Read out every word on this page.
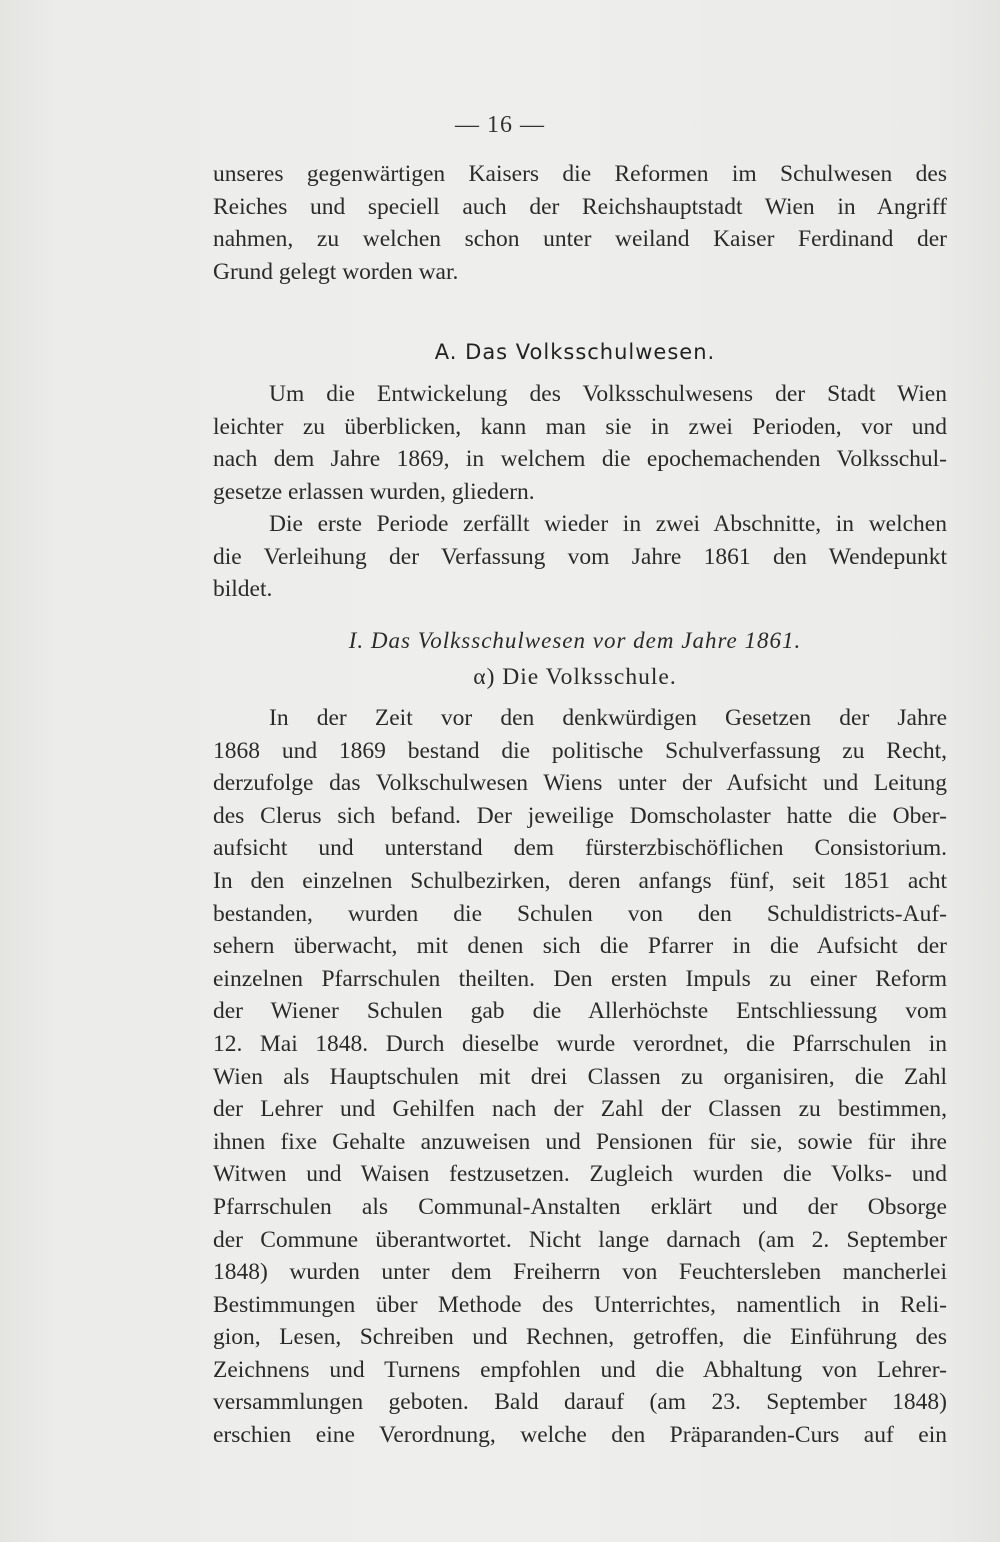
— 16 —
unseres gegenwärtigen Kaisers die Reformen im Schulwesen des
Reiches und speciell auch der Reichshauptstadt Wien in Angriff
nahmen, zu welchen schon unter weiland Kaiser Ferdinand der
Grund gelegt worden war.
A. Das Volksschulwesen.
Um die Entwickelung des Volksschulwesens der Stadt Wien
leichter zu überblicken, kann man sie in zwei Perioden, vor und
nach dem Jahre 1869, in welchem die epochemachenden Volksschul-
gesetze erlassen wurden, gliedern.
Die erste Periode zerfällt wieder in zwei Abschnitte, in welchen
die Verleihung der Verfassung vom Jahre 1861 den Wendepunkt
bildet.
I. Das Volksschulwesen vor dem Jahre 1861.
α) Die Volksschule.
In der Zeit vor den denkwürdigen Gesetzen der Jahre
1868 und 1869 bestand die politische Schulverfassung zu Recht,
derzufolge das Volkschulwesen Wiens unter der Aufsicht und Leitung
des Clerus sich befand. Der jeweilige Domscholaster hatte die Ober-
aufsicht und unterstand dem fürsterzbischöflichen Consistorium.
In den einzelnen Schulbezirken, deren anfangs fünf, seit 1851 acht
bestanden, wurden die Schulen von den Schuldistricts-Auf-
sehern überwacht, mit denen sich die Pfarrer in die Aufsicht der
einzelnen Pfarrschulen theilten. Den ersten Impuls zu einer Reform
der Wiener Schulen gab die Allerhöchste Entschliessung vom
12. Mai 1848. Durch dieselbe wurde verordnet, die Pfarrschulen in
Wien als Hauptschulen mit drei Classen zu organisiren, die Zahl
der Lehrer und Gehilfen nach der Zahl der Classen zu bestimmen,
ihnen fixe Gehalte anzuweisen und Pensionen für sie, sowie für ihre
Witwen und Waisen festzusetzen. Zugleich wurden die Volks- und
Pfarrschulen als Communal-Anstalten erklärt und der Obsorge
der Commune überantwortet. Nicht lange darnach (am 2. September
1848) wurden unter dem Freiherrn von Feuchtersleben mancherlei
Bestimmungen über Methode des Unterrichtes, namentlich in Reli-
gion, Lesen, Schreiben und Rechnen, getroffen, die Einführung des
Zeichnens und Turnens empfohlen und die Abhaltung von Lehrer-
versammlungen geboten. Bald darauf (am 23. September 1848)
erschien eine Verordnung, welche den Präparanden-Curs auf ein
